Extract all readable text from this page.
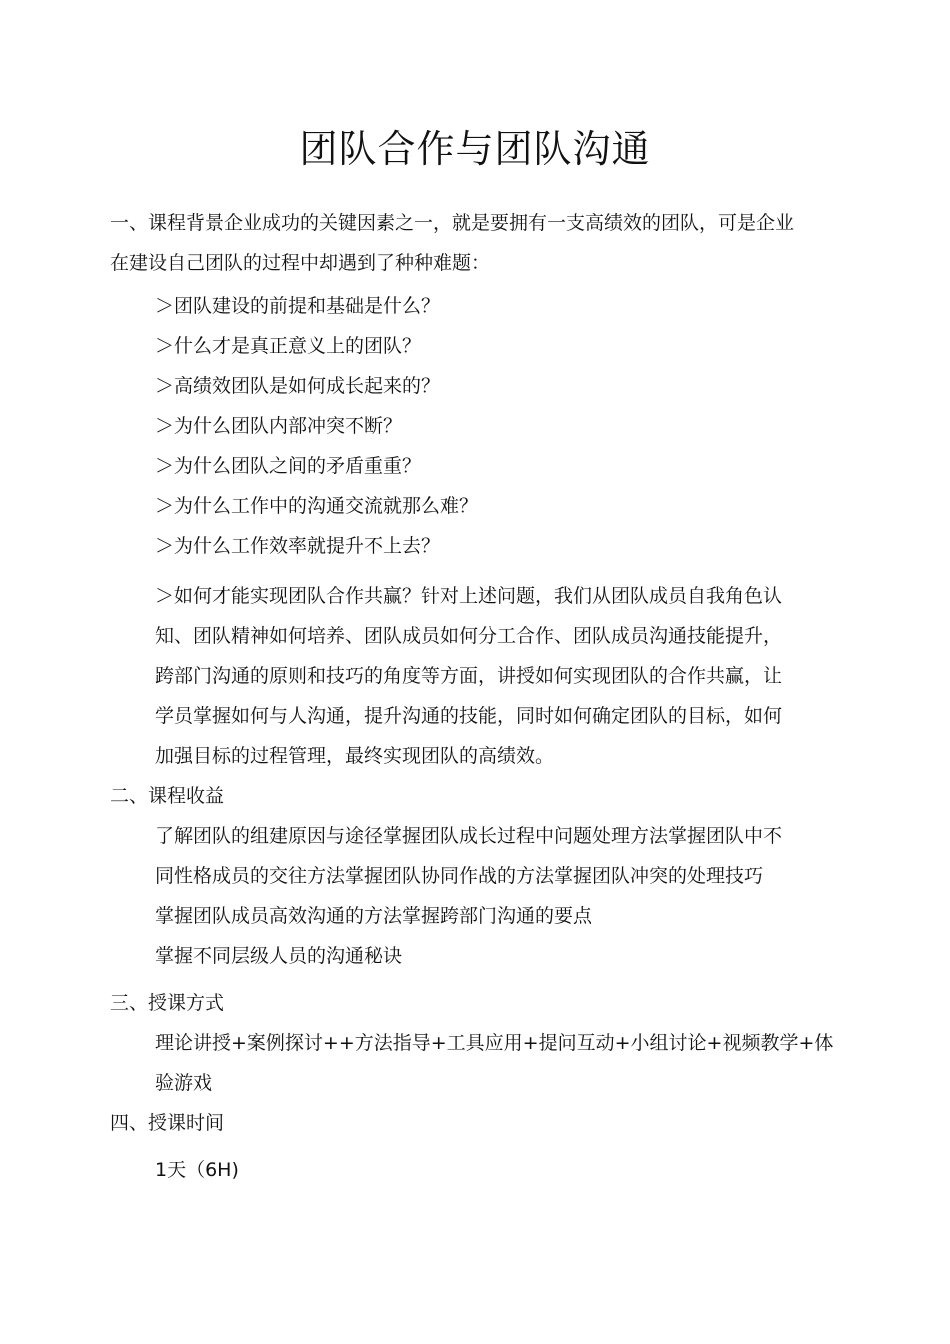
团队合作与团队沟通
一、课程背景企业成功的关键因素之一，就是要拥有一支高绩效的团队，可是企业
在建设自己团队的过程中却遇到了种种难题：
＞团队建设的前提和基础是什么？
＞什么才是真正意义上的团队？
＞高绩效团队是如何成长起来的？
＞为什么团队内部冲突不断？
＞为什么团队之间的矛盾重重？
＞为什么工作中的沟通交流就那么难？
＞为什么工作效率就提升不上去？
＞如何才能实现团队合作共赢？针对上述问题，我们从团队成员自我角色认
知、团队精神如何培养、团队成员如何分工合作、团队成员沟通技能提升，
跨部门沟通的原则和技巧的角度等方面，讲授如何实现团队的合作共赢，让
学员掌握如何与人沟通，提升沟通的技能，同时如何确定团队的目标，如何
加强目标的过程管理，最终实现团队的高绩效。
二、课程收益
了解团队的组建原因与途径掌握团队成长过程中问题处理方法掌握团队中不
同性格成员的交往方法掌握团队协同作战的方法掌握团队冲突的处理技巧
掌握团队成员高效沟通的方法掌握跨部门沟通的要点
掌握不同层级人员的沟通秘诀
三、授课方式
理论讲授+案例探讨++方法指导+工具应用+提问互动+小组讨论+视频教学+体
验游戏
四、授课时间
1天（6H)
